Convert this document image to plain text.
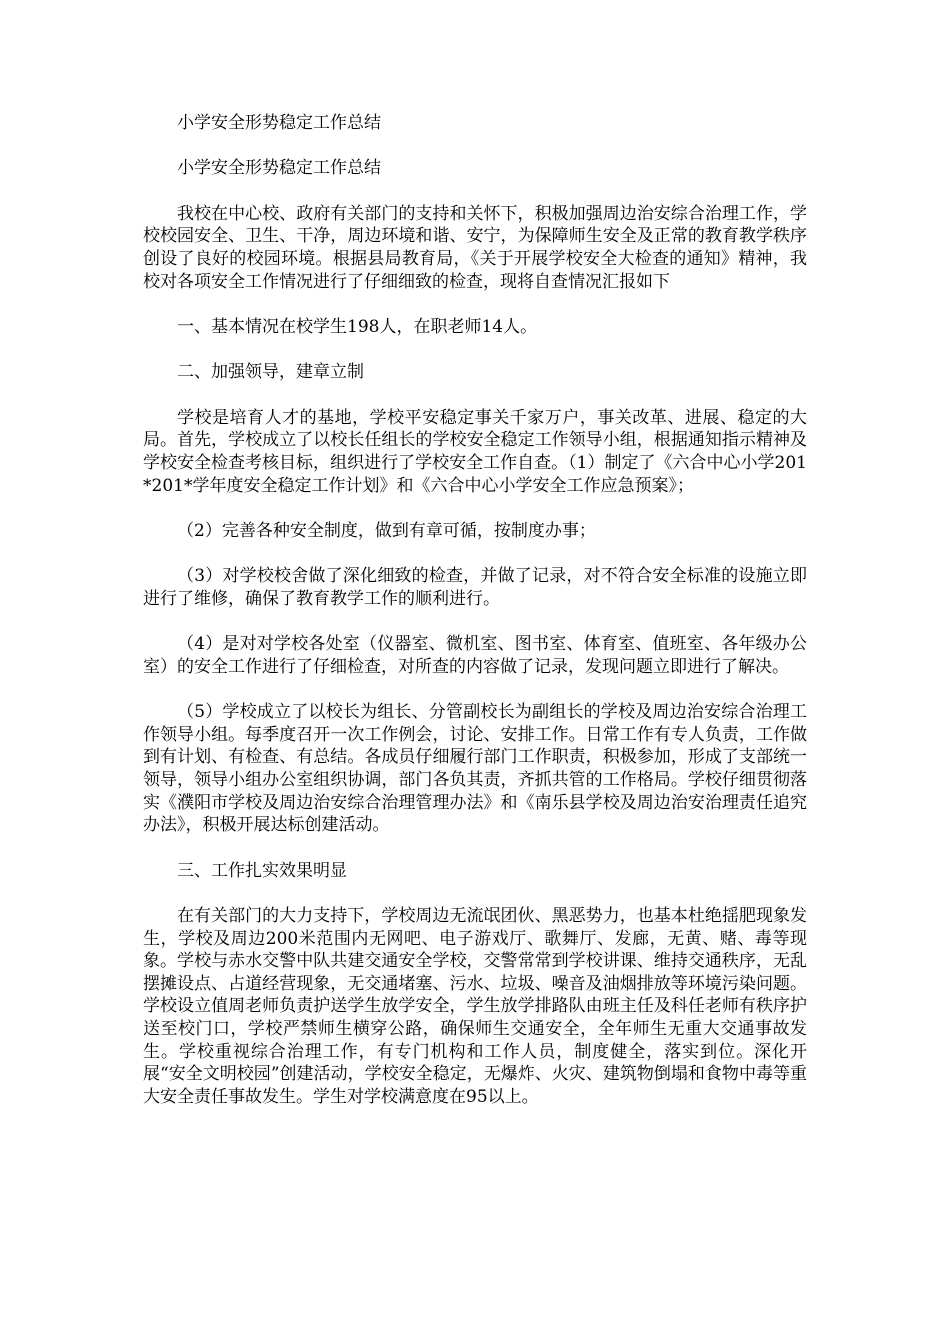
小学安全形势稳定工作总结

小学安全形势稳定工作总结

我校在中心校、政府有关部门的支持和关怀下，积极加强周边治安综合治理工作，学校校园安全、卫生、干净，周边环境和谐、安宁，为保障师生安全及正常的教育教学秩序创设了良好的校园环境。根据县局教育局，《关于开展学校安全大检查的通知》精神，我校对各项安全工作情况进行了仔细细致的检查，现将自查情况汇报如下

一、基本情况在校学生198人，在职老师14人。

二、加强领导，建章立制

学校是培育人才的基地，学校平安稳定事关千家万户，事关改革、进展、稳定的大局。首先，学校成立了以校长任组长的学校安全稳定工作领导小组，根据通知指示精神及学校安全检查考核目标，组织进行了学校安全工作自查。（1）制定了《六合中心小学201*201*学年度安全稳定工作计划》和《六合中心小学安全工作应急预案》；

（2）完善各种安全制度，做到有章可循，按制度办事；

（3）对学校校舍做了深化细致的检查，并做了记录，对不符合安全标准的设施立即进行了维修，确保了教育教学工作的顺利进行。

（4）是对对学校各处室（仪器室、微机室、图书室、体育室、值班室、各年级办公室）的安全工作进行了仔细检查，对所查的内容做了记录，发现问题立即进行了解决。

（5）学校成立了以校长为组长、分管副校长为副组长的学校及周边治安综合治理工作领导小组。每季度召开一次工作例会，讨论、安排工作。日常工作有专人负责，工作做到有计划、有检查、有总结。各成员仔细履行部门工作职责，积极参加，形成了支部统一领导，领导小组办公室组织协调，部门各负其责，齐抓共管的工作格局。学校仔细贯彻落实《濮阳市学校及周边治安综合治理管理办法》和《南乐县学校及周边治安治理责任追究办法》，积极开展达标创建活动。

三、工作扎实效果明显

在有关部门的大力支持下，学校周边无流氓团伙、黑恶势力，也基本杜绝揺肥现象发生，学校及周边200米范围内无网吧、电子游戏厅、歌舞厅、发廊，无黄、赌、毒等现象。学校与赤水交警中队共建交通安全学校，交警常常到学校讲课、维持交通秩序，无乱摆摊设点、占道经营现象，无交通堵塞、污水、垃圾、噪音及油烟排放等环境污染问题。学校设立值周老师负责护送学生放学安全，学生放学排路队由班主任及科任老师有秩序护送至校门口，学校严禁师生横穿公路，确保师生交通安全，全年师生无重大交通事故发生。学校重视综合治理工作，有专门机构和工作人员，制度健全，落实到位。深化开展“安全文明校园”创建活动，学校安全稳定，无爆炸、火灾、建筑物倒塌和食物中毒等重大安全责任事故发生。学生对学校满意度在95以上。
